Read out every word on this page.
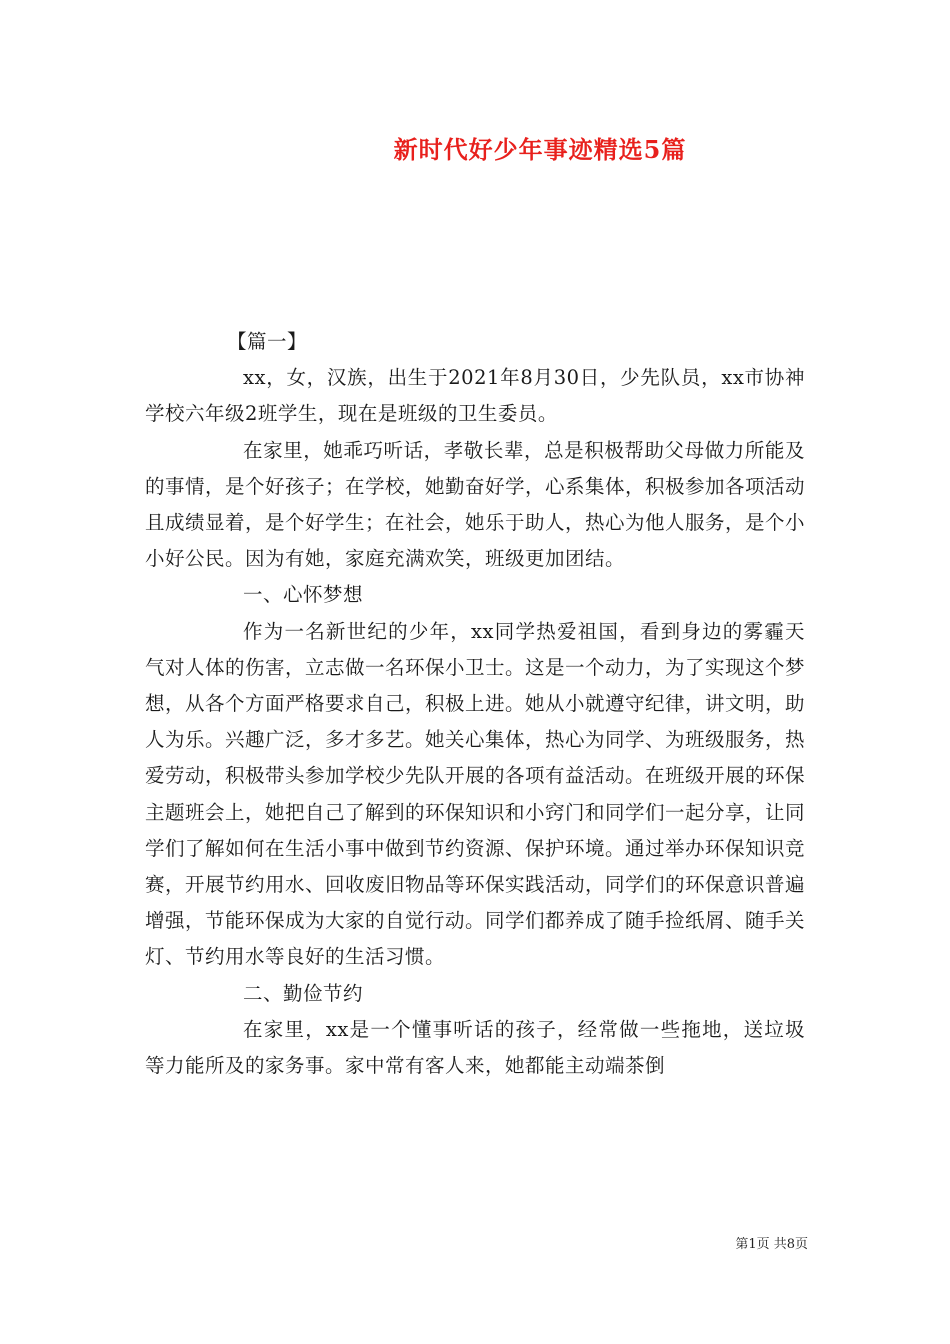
新时代好少年事迹精选5篇

【篇一】

xx，女，汉族，出生于2021年8月30日，少先队员，xx市协神学校六年级2班学生，现在是班级的卫生委员。

在家里，她乖巧听话，孝敬长辈，总是积极帮助父母做力所能及的事情，是个好孩子；在学校，她勤奋好学，心系集体，积极参加各项活动且成绩显着，是个好学生；在社会，她乐于助人，热心为他人服务，是个小小好公民。因为有她，家庭充满欢笑，班级更加团结。

一、心怀梦想

作为一名新世纪的少年，xx同学热爱祖国，看到身边的雾霾天气对人体的伤害，立志做一名环保小卫士。这是一个动力，为了实现这个梦想，从各个方面严格要求自己，积极上进。她从小就遵守纪律，讲文明，助人为乐。兴趣广泛，多才多艺。她关心集体，热心为同学、为班级服务，热爱劳动，积极带头参加学校少先队开展的各项有益活动。在班级开展的环保主题班会上，她把自己了解到的环保知识和小窍门和同学们一起分享，让同学们了解如何在生活小事中做到节约资源、保护环境。通过举办环保知识竞赛，开展节约用水、回收废旧物品等环保实践活动，同学们的环保意识普遍增强，节能环保成为大家的自觉行动。同学们都养成了随手捡纸屑、随手关灯、节约用水等良好的生活习惯。

二、勤俭节约

在家里，xx是一个懂事听话的孩子，经常做一些拖地，送垃圾等力能所及的家务事。家中常有客人来，她都能主动端茶倒

第1页 共8页
